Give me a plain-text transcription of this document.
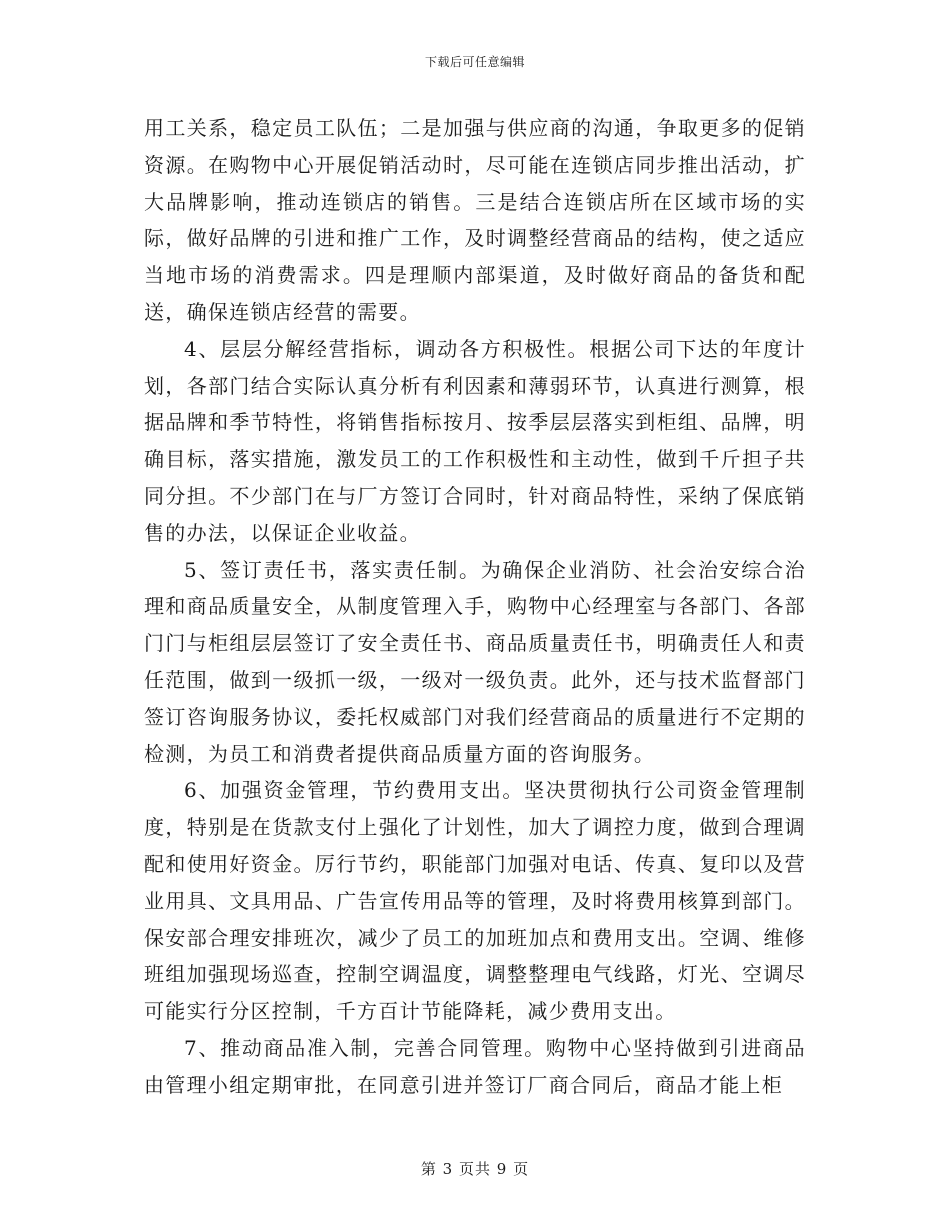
下载后可任意编辑

用工关系，稳定员工队伍；二是加强与供应商的沟通，争取更多的促销资源。在购物中心开展促销活动时，尽可能在连锁店同步推出活动，扩大品牌影响，推动连锁店的销售。三是结合连锁店所在区域市场的实际，做好品牌的引进和推广工作，及时调整经营商品的结构，使之适应当地市场的消费需求。四是理顺内部渠道，及时做好商品的备货和配送，确保连锁店经营的需要。

4、层层分解经营指标，调动各方积极性。根据公司下达的年度计划，各部门结合实际认真分析有利因素和薄弱环节，认真进行测算，根据品牌和季节特性，将销售指标按月、按季层层落实到柜组、品牌，明确目标，落实措施，激发员工的工作积极性和主动性，做到千斤担子共同分担。不少部门在与厂方签订合同时，针对商品特性，采纳了保底销售的办法，以保证企业收益。

5、签订责任书，落实责任制。为确保企业消防、社会治安综合治理和商品质量安全，从制度管理入手，购物中心经理室与各部门、各部门门与柜组层层签订了安全责任书、商品质量责任书，明确责任人和责任范围，做到一级抓一级，一级对一级负责。此外，还与技术监督部门签订咨询服务协议，委托权威部门对我们经营商品的质量进行不定期的检测，为员工和消费者提供商品质量方面的咨询服务。

6、加强资金管理，节约费用支出。坚决贯彻执行公司资金管理制度，特别是在货款支付上强化了计划性，加大了调控力度，做到合理调配和使用好资金。厉行节约，职能部门加强对电话、传真、复印以及营业用具、文具用品、广告宣传用品等的管理，及时将费用核算到部门。保安部合理安排班次，减少了员工的加班加点和费用支出。空调、维修班组加强现场巡查，控制空调温度，调整整理电气线路，灯光、空调尽可能实行分区控制，千方百计节能降耗，减少费用支出。

7、推动商品准入制，完善合同管理。购物中心坚持做到引进商品由管理小组定期审批，在同意引进并签订厂商合同后，商品才能上柜

第 3 页共 9 页
